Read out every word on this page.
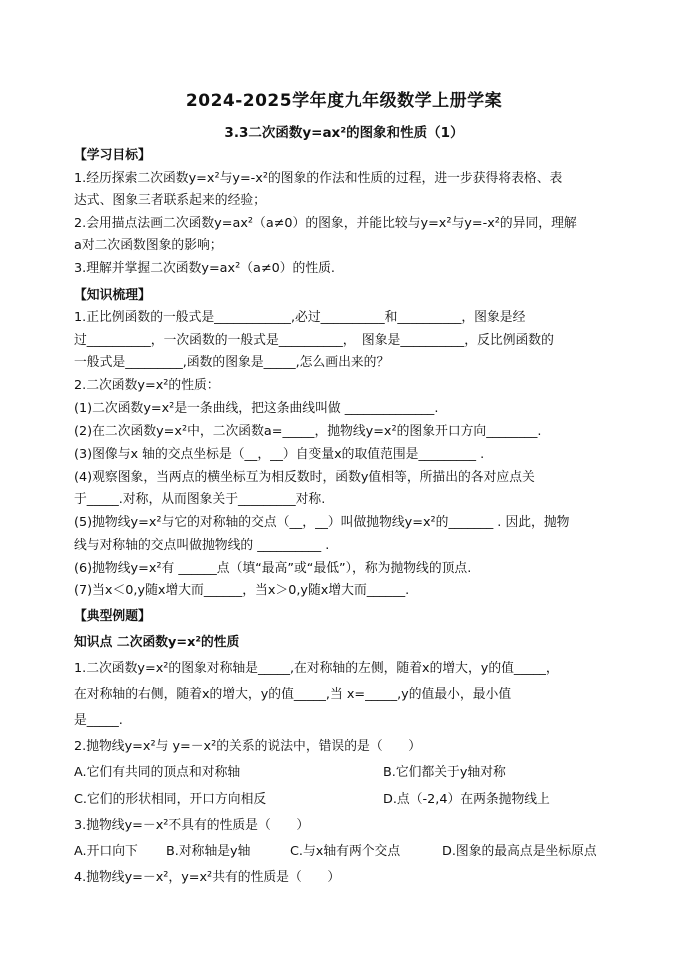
2024-2025学年度九年级数学上册学案
3.3二次函数y=ax²的图象和性质（1）
【学习目标】
1.经历探索二次函数y=x²与y=-x²的图象的作法和性质的过程，进一步获得将表格、表
达式、图象三者联系起来的经验；
2.会用描点法画二次函数y=ax²（a≠0）的图象，并能比较与y=x²与y=-x²的异同，理解
a对二次函数图象的影响；
3.理解并掌握二次函数y=ax²（a≠0）的性质.
【知识梳理】
1.正比例函数的一般式是____________,必过__________和__________，图象是经
过__________，一次函数的一般式是__________，　图象是__________，反比例函数的
一般式是_________,函数的图象是_____,怎么画出来的？
2.二次函数y=x²的性质：
(1)二次函数y=x²是一条曲线，把这条曲线叫做 ______________.
(2)在二次函数y=x²中，二次函数a=_____，抛物线y=x²的图象开口方向________.
(3)图像与x 轴的交点坐标是（__，__）自变量x的取值范围是_________ .
(4)观察图象，当两点的横坐标互为相反数时，函数y值相等，所描出的各对应点关
于_____.对称，从而图象关于_________对称.
(5)抛物线y=x²与它的对称轴的交点（__，__）叫做抛物线y=x²的_______ . 因此，抛物
线与对称轴的交点叫做抛物线的 __________ .
(6)抛物线y=x²有 ______点（填“最高”或“最低”），称为抛物线的顶点.
(7)当x＜0,y随x增大而______，当x＞0,y随x增大而______.
【典型例题】
知识点 二次函数y=x²的性质
1.二次函数y=x²的图象对称轴是_____,在对称轴的左侧，随着x的增大，y的值_____，
在对称轴的右侧，随着x的增大，y的值_____,当 x=_____,y的值最小，最小值
是_____.
2.抛物线y=x²与 y=－x²的关系的说法中，错误的是（　　）
A.它们有共同的顶点和对称轴	B.它们都关于y轴对称
C.它们的形状相同，开口方向相反	D.点（-2,4）在两条抛物线上
3.抛物线y=－x²不具有的性质是（　　）
A.开口向下 B.对称轴是y轴	C.与x轴有两个交点	D.图象的最高点是坐标原点
4.抛物线y=－x²，y=x²共有的性质是（　　）
